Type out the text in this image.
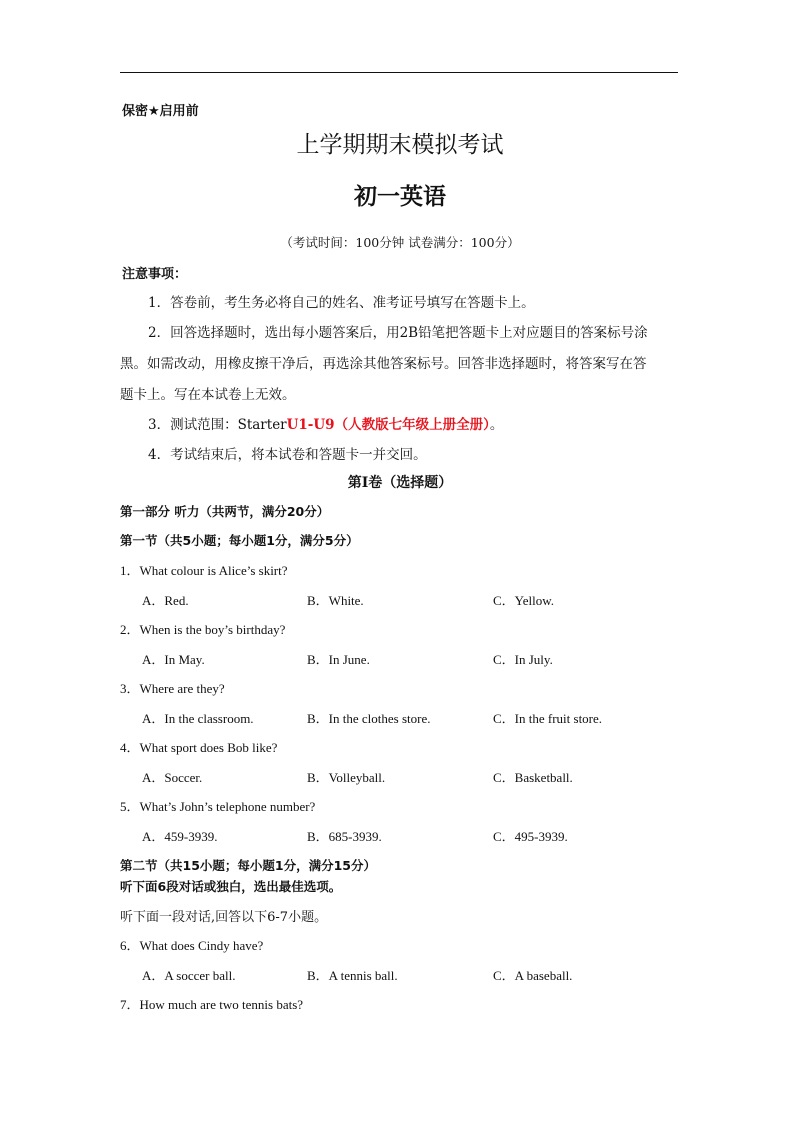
保密★启用前
上学期期末模拟考试
初一英语
（考试时间：100分钟 试卷满分：100分）
注意事项：
1．答卷前，考生务必将自己的姓名、准考证号填写在答题卡上。
2．回答选择题时，选出每小题答案后，用2B铅笔把答题卡上对应题目的答案标号涂
黑。如需改动，用橡皮擦干净后，再选涂其他答案标号。回答非选择题时，将答案写在答
题卡上。写在本试卷上无效。
3．测试范围：StarterU1-U9（人教版七年级上册全册）。
4．考试结束后，将本试卷和答题卡一并交回。
第Ⅰ卷（选择题）
第一部分 听力（共两节，满分20分）
第一节（共5小题；每小题1分，满分5分）
1．What colour is Alice’s skirt?
A．Red.	B．White.	C．Yellow.
2．When is the boy’s birthday?
A．In May.	B．In June.	C．In July.
3．Where are they?
A．In the classroom.	B．In the clothes store.	C．In the fruit store.
4．What sport does Bob like?
A．Soccer.	B．Volleyball.	C．Basketball.
5．What’s John’s telephone number?
A．459-3939.	B．685-3939.	C．495-3939.
第二节（共15小题；每小题1分，满分15分）
听下面6段对话或独白，选出最佳选项。
听下面一段对话,回答以下6-7小题。
6．What does Cindy have?
A．A soccer ball.	B．A tennis ball.	C．A baseball.
7．How much are two tennis bats?
